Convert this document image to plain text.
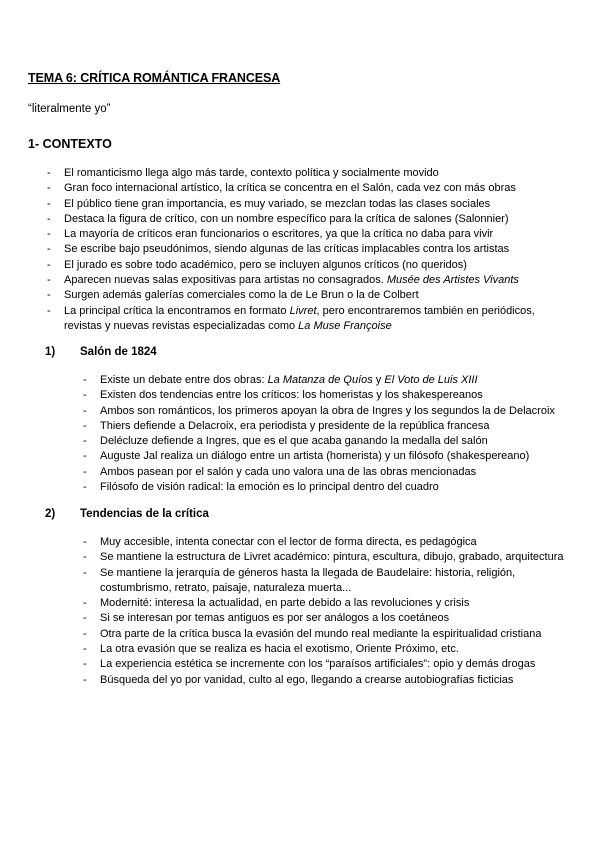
TEMA 6: CRÍTICA ROMÁNTICA FRANCESA
“literalmente yo”
1- CONTEXTO
- El romanticismo llega algo más tarde, contexto política y socialmente movido
- Gran foco internacional artístico, la crítica se concentra en el Salón, cada vez con más obras
- El público tiene gran importancia, es muy variado, se mezclan todas las clases sociales
- Destaca la figura de crítico, con un nombre específico para la crítica de salones (Salonnier)
- La mayoría de críticos eran funcionarios o escritores, ya que la crítica no daba para vivir
- Se escribe bajo pseudónimos, siendo algunas de las críticas implacables contra los artistas
- El jurado es sobre todo académico, pero se incluyen algunos críticos (no queridos)
- Aparecen nuevas salas expositivas para artistas no consagrados. Musée des Artistes Vivants
- Surgen además galerías comerciales como la de Le Brun o la de Colbert
- La principal crítica la encontramos en formato Livret, pero encontraremos también en periódicos,
revistas y nuevas revistas especializadas como La Muse Françoise
1) Salón de 1824
- Existe un debate entre dos obras: La Matanza de Quíos y El Voto de Luis XIII
- Existen dos tendencias entre los críticos: los homeristas y los shakespereanos
- Ambos son románticos, los primeros apoyan la obra de Ingres y los segundos la de Delacroix
- Thiers defiende a Delacroix, era periodista y presidente de la república francesa
- Delécluze defiende a Ingres, que es el que acaba ganando la medalla del salón
- Auguste Jal realiza un diálogo entre un artista (homerista) y un filósofo (shakespereano)
- Ambos pasean por el salón y cada uno valora una de las obras mencionadas
- Filósofo de visión radical: la emoción es lo principal dentro del cuadro
2) Tendencias de la crítica
- Muy accesible, intenta conectar con el lector de forma directa, es pedagógica
- Se mantiene la estructura de Livret académico: pintura, escultura, dibujo, grabado, arquitectura
- Se mantiene la jerarquía de géneros hasta la llegada de Baudelaire: historia, religión,
costumbrismo, retrato, paisaje, naturaleza muerta...
- Modernité: interesa la actualidad, en parte debido a las revoluciones y crisis
- Si se interesan por temas antiguos es por ser análogos a los coetáneos
- Otra parte de la crítica busca la evasión del mundo real mediante la espiritualidad cristiana
- La otra evasión que se realiza es hacia el exotismo, Oriente Próximo, etc.
- La experiencia estética se incremente con los “paraísos artificiales”: opio y demás drogas
- Búsqueda del yo por vanidad, culto al ego, llegando a crearse autobiografías ficticias
